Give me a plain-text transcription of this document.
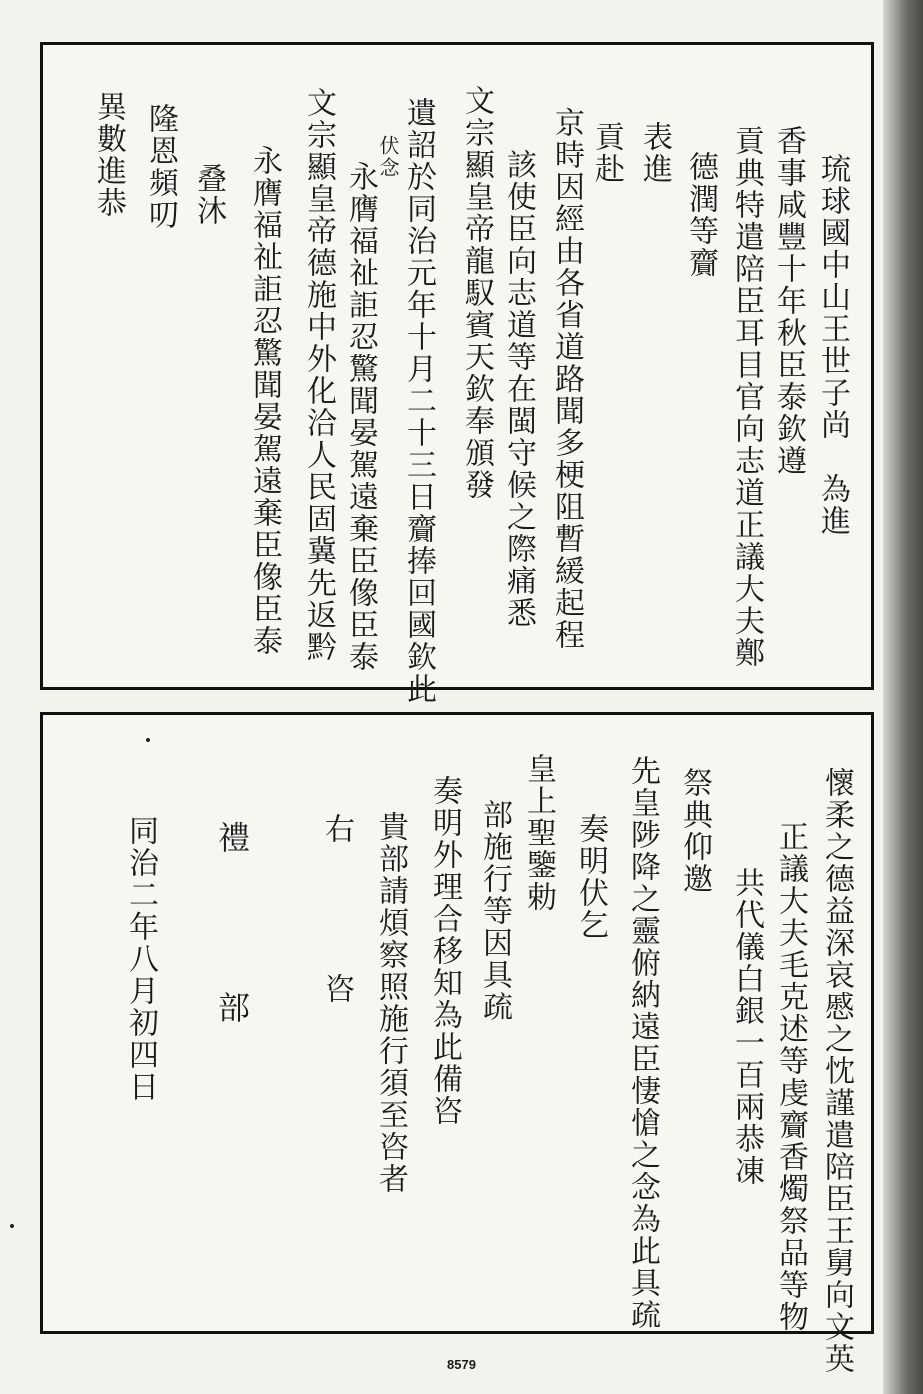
琉球國中山王世子尚　為進
香事咸豐十年秋臣泰欽遵
貢典特遣陪臣耳目官向志道正議大夫鄭
德潤等齎
表進
貢赴
京時因經由各省道路聞多梗阻暫緩起程
該使臣向志道等在閩守候之際痛悉
文宗顯皇帝龍馭賓天欽奉頒發
遺詔於同治元年十月二十三日齎捧回國欽此
伏念
永膺福祉詎忍驚聞晏駕遠棄臣像臣泰
文宗顯皇帝德施中外化洽人民固冀先返黔
永膺福祉詎忍驚聞晏駕遠棄臣像臣泰
叠沐
隆恩頻叨
異數進恭
懷柔之德益深哀慼之忱謹遣陪臣王舅向文英
正議大夫毛克述等虔齎香燭祭品等物
共代儀白銀一百兩恭凍
祭典仰邀
先皇陟降之靈俯納遠臣悽愴之念為此具疏
奏明伏乞
皇上聖鑒勅
部施行等因具疏
奏明外理合移知為此備咨
貴部請煩察照施行須至咨者
右　　　　咨
禮　　　　部
同治二年八月初四日
8579
